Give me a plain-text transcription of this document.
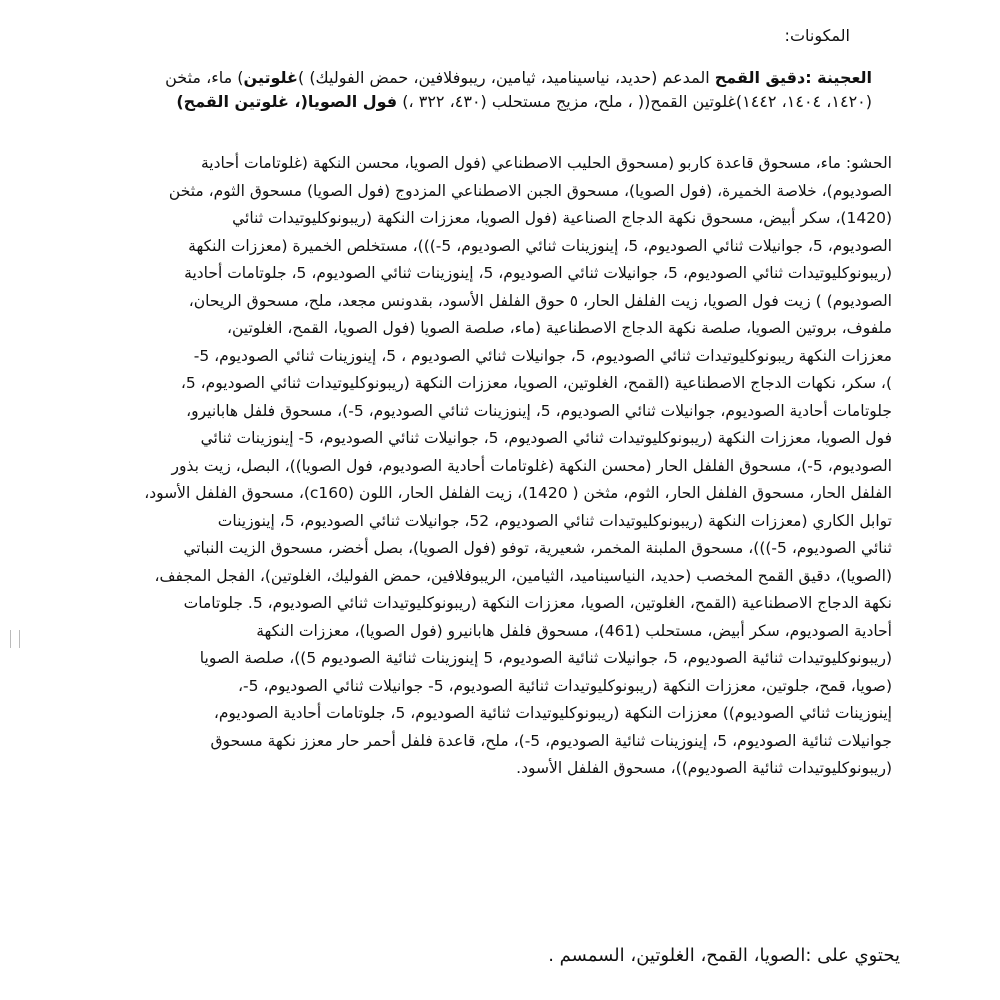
المكونات:
العجينة :دقيق القمح المدعم (حديد، نياسيناميد، ثيامين، ريبوفلافين، حمض الفوليك) )غلوتين) ماء، مثخن (١٤٢٠، ١٤٠٤، ١٤٤٢)غلوتين القمح(( ، ملح، مزيج مستحلب (٤٣٠، ٣٢٢ ،) فول الصويا(، غلوتين القمح)
الحشو: ماء، مسحوق قاعدة كاربو (مسحوق الحليب الاصطناعي (فول الصويا، محسن النكهة (غلوتامات أحادية
الصوديوم)، خلاصة الخميرة، (فول الصويا)، مسحوق الجبن الاصطناعي المزدوج (فول الصويا) مسحوق الثوم، مثخن
(1420)، سكر أبيض، مسحوق نكهة الدجاج الصناعية (فول الصويا، معززات النكهة (ريبونوكليوتيدات ثنائي
الصوديوم، 5، جوانيلات ثنائي الصوديوم، 5، إينوزينات ثنائي الصوديوم، 5-)))، مستخلص الخميرة (معززات النكهة
(ريبونوكليوتيدات ثنائي الصوديوم، 5، جوانيلات ثنائي الصوديوم، 5، إينوزينات ثنائي الصوديوم، 5، جلوتامات أحادية
الصوديوم) ) زيت فول الصويا، زيت الفلفل الحار، ٥ حوق الفلفل الأسود، بقدونس مجعد، ملح، مسحوق الريحان،
ملفوف، بروتين الصويا، صلصة نكهة الدجاج الاصطناعية (ماء، صلصة الصويا (فول الصويا، القمح، الغلوتين،
معززات النكهة ريبونوكليوتيدات ثنائي الصوديوم، 5، جوانيلات ثنائي الصوديوم ، 5، إينوزينات ثنائي الصوديوم، 5-
)، سكر، نكهات الدجاج الاصطناعية (القمح، الغلوتين، الصويا، معززات النكهة (ريبونوكليوتيدات ثنائي الصوديوم، 5،
جلوتامات أحادية الصوديوم، جوانيلات ثنائي الصوديوم، 5، إينوزينات ثنائي الصوديوم، 5-)، مسحوق فلفل هابانيرو،
فول الصويا، معززات النكهة (ريبونوكليوتيدات ثنائي الصوديوم، 5، جوانيلات ثنائي الصوديوم، 5- إينوزينات ثنائي
الصوديوم، 5-)، مسحوق الفلفل الحار (محسن النكهة (غلوتامات أحادية الصوديوم، فول الصويا))، البصل، زيت بذور
الفلفل الحار، مسحوق الفلفل الحار، الثوم، مثخن ( 1420)، زيت الفلفل الحار، اللون (c160)، مسحوق الفلفل الأسود،
توابل الكاري (معززات النكهة (ريبونوكليوتيدات ثنائي الصوديوم، 52، جوانيلات ثنائي الصوديوم، 5، إينوزينات
ثنائي الصوديوم، 5-)))، مسحوق الملبنة المخمر، شعيرية، توفو (فول الصويا)، بصل أخضر، مسحوق الزيت النباتي
(الصويا)، دقيق القمح المخصب (حديد، النياسيناميد، الثيامين، الريبوفلافين، حمض الفوليك، الغلوتين)، الفجل المجفف،
نكهة الدجاج الاصطناعية (القمح، الغلوتين، الصويا، معززات النكهة (ريبونوكليوتيدات ثنائي الصوديوم، 5. جلوتامات
أحادية الصوديوم، سكر أبيض، مستحلب (461)، مسحوق فلفل هابانيرو (فول الصويا)، معززات النكهة
(ريبونوكليوتيدات ثنائية الصوديوم، 5، جوانيلات ثنائية الصوديوم، 5 إينوزينات ثنائية الصوديوم 5))، صلصة الصويا
(صويا، قمح، جلوتين، معززات النكهة (ريبونوكليوتيدات ثنائية الصوديوم، 5- جوانيلات ثنائي الصوديوم، 5-،
إينوزينات ثنائي الصوديوم)) معززات النكهة (ريبونوكليوتيدات ثنائية الصوديوم، 5، جلوتامات أحادية الصوديوم،
جوانيلات ثنائية الصوديوم، 5، إينوزينات ثنائية الصوديوم، 5-)، ملح، قاعدة فلفل أحمر حار معزز نكهة مسحوق
(ريبونوكليوتيدات ثنائية الصوديوم))، مسحوق الفلفل الأسود.
يحتوي على :الصويا، القمح، الغلوتين، السمسم .
